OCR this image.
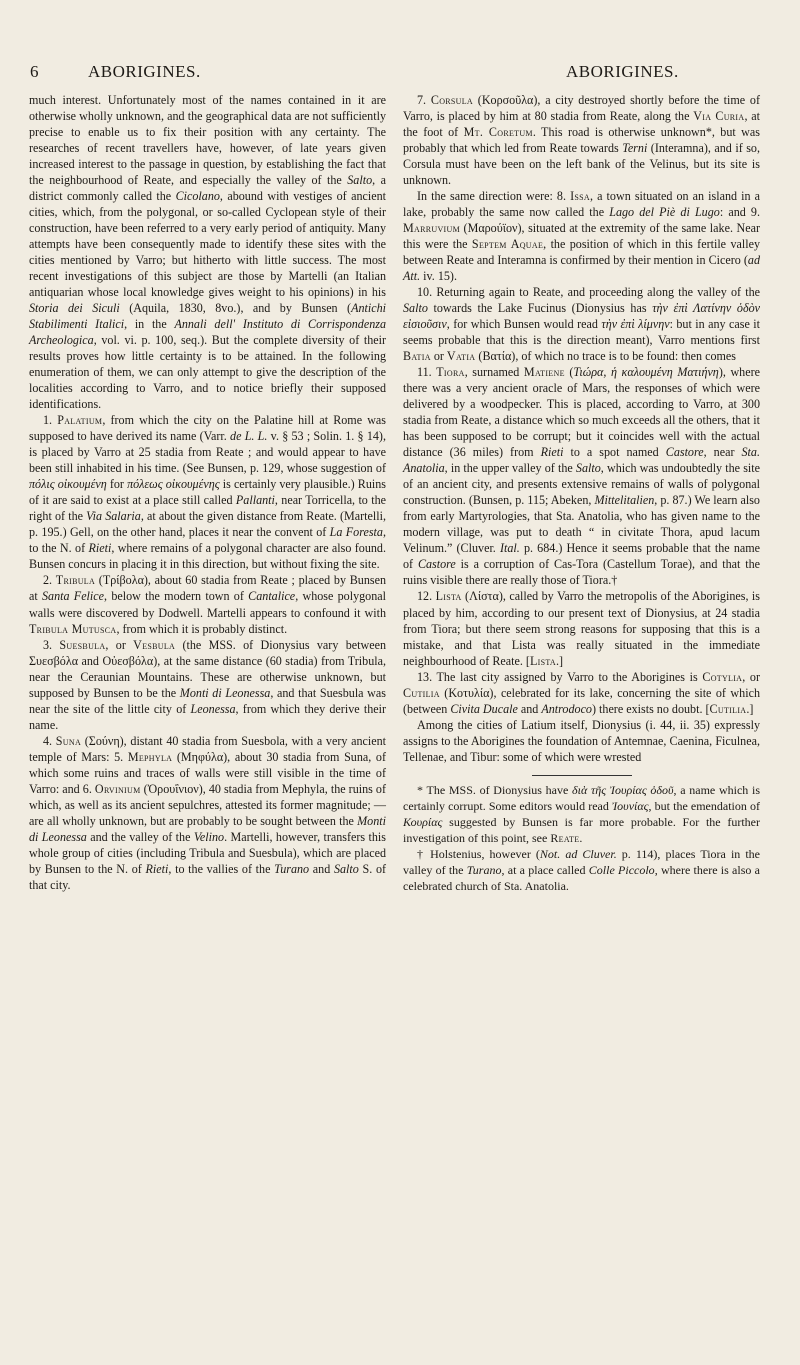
6	ABORIGINES.	ABORIGINES.

much interest. Unfortunately most of the names contained in it are otherwise wholly unknown, and the geographical data are not sufficiently precise to enable us to fix their position with any certainty. The researches of recent travellers have, however, of late years given increased interest to the passage in question, by establishing the fact that the neighbourhood of Reate, and especially the valley of the Salto, a district commonly called the Cicolano, abound with vestiges of ancient cities, which, from the polygonal, or so-called Cyclopean style of their construction, have been referred to a very early period of antiquity. Many attempts have been consequently made to identify these sites with the cities mentioned by Varro; but hitherto with little success. The most recent investigations of this subject are those by Martelli (an Italian antiquarian whose local knowledge gives weight to his opinions) in his Storia dei Siculi (Aquila, 1830, 8vo.), and by Bunsen (Antichi Stabilimenti Italici, in the Annali dell' Instituto di Corrispondenza Archeologica, vol. vi. p. 100, seq.). But the complete diversity of their results proves how little certainty is to be attained. In the following enumeration of them, we can only attempt to give the description of the localities according to Varro, and to notice briefly their supposed identifications.

1. Palatium, from which the city on the Palatine hill at Rome was supposed to have derived its name (Varr. de L. L. v. § 53 ; Solin. 1. § 14), is placed by Varro at 25 stadia from Reate ; and would appear to have been still inhabited in his time. (See Bunsen, p. 129, whose suggestion of πόλις οἰκουμένη for πόλεως οἰκουμένης is certainly very plausible.) Ruins of it are said to exist at a place still called Pallanti, near Torricella, to the right of the Via Salaria, at about the given distance from Reate. (Martelli, p. 195.) Gell, on the other hand, places it near the convent of La Foresta, to the N. of Rieti, where remains of a polygonal character are also found. Bunsen concurs in placing it in this direction, but without fixing the site.

2. Tribula (Τρίβολα), about 60 stadia from Reate ; placed by Bunsen at Santa Felice, below the modern town of Cantalice, whose polygonal walls were discovered by Dodwell. Martelli appears to confound it with Tribula Mutusca, from which it is probably distinct.

3. Suesbula, or Vesbula (the MSS. of Dionysius vary between Συεσβόλα and Οὐεσβόλα), at the same distance (60 stadia) from Tribula, near the Ceraunian Mountains. These are otherwise unknown, but supposed by Bunsen to be the Monti di Leonessa, and that Suesbula was near the site of the little city of Leonessa, from which they derive their name.

4. Suna (Σούνη), distant 40 stadia from Suesbola, with a very ancient temple of Mars: 5. Mephyla (Μηφύλα), about 30 stadia from Suna, of which some ruins and traces of walls were still visible in the time of Varro: and 6. Orvinium (Ὀρουΐνιον), 40 stadia from Mephyla, the ruins of which, as well as its ancient sepulchres, attested its former magnitude; — are all wholly unknown, but are probably to be sought between the Monti di Leonessa and the valley of the Velino. Martelli, however, transfers this whole group of cities (including Tribula and Suesbula), which are placed by Bunsen to the N. of Rieti, to the vallies of the Turano and Salto S. of that city.

7. Corsula (Κορσοῦλα), a city destroyed shortly before the time of Varro, is placed by him at 80 stadia from Reate, along the Via Curia, at the foot of Mt. Coretum. This road is otherwise unknown*, but was probably that which led from Reate towards Terni (Interamna), and if so, Corsula must have been on the left bank of the Velinus, but its site is unknown.

In the same direction were: 8. Issa, a town situated on an island in a lake, probably the same now called the Lago del Piè di Lugo: and 9. Marruvium (Μαρούϊον), situated at the extremity of the same lake. Near this were the Septem Aquae, the position of which in this fertile valley between Reate and Interamna is confirmed by their mention in Cicero (ad Att. iv. 15).

10. Returning again to Reate, and proceeding along the valley of the Salto towards the Lake Fucinus (Dionysius has τὴν ἐπὶ Λατίνην ὁδὸν εἰσιοῦσιν, for which Bunsen would read τὴν ἐπὶ λίμνην: but in any case it seems probable that this is the direction meant), Varro mentions first Batia or Vatia (Βατία), of which no trace is to be found: then comes

11. Tiora, surnamed Matiene (Τιώρα, ἡ καλουμένη Ματιήνη), where there was a very ancient oracle of Mars, the responses of which were delivered by a woodpecker. This is placed, according to Varro, at 300 stadia from Reate, a distance which so much exceeds all the others, that it has been supposed to be corrupt; but it coincides well with the actual distance (36 miles) from Rieti to a spot named Castore, near Sta. Anatolia, in the upper valley of the Salto, which was undoubtedly the site of an ancient city, and presents extensive remains of walls of polygonal construction. (Bunsen, p. 115; Abeken, Mittelitalien, p. 87.) We learn also from early Martyrologies, that Sta. Anatolia, who has given name to the modern village, was put to death “ in civitate Thora, apud lacum Velinum.” (Cluver. Ital. p. 684.) Hence it seems probable that the name of Castore is a corruption of Cas-Tora (Castellum Torae), and that the ruins visible there are really those of Tiora.†

12. Lista (Λίστα), called by Varro the metropolis of the Aborigines, is placed by him, according to our present text of Dionysius, at 24 stadia from Tiora; but there seem strong reasons for supposing that this is a mistake, and that Lista was really situated in the immediate neighbourhood of Reate. [Lista.]

13. The last city assigned by Varro to the Aborigines is Cotylia, or Cutilia (Κοτυλία), celebrated for its lake, concerning the site of which (between Civita Ducale and Antrodoco) there exists no doubt. [Cutilia.]

Among the cities of Latium itself, Dionysius (i. 44, ii. 35) expressly assigns to the Aborigines the foundation of Antemnae, Caenina, Ficulnea, Tellenae, and Tibur: some of which were wrested

* The MSS. of Dionysius have διὰ τῆς Ἰουρίας ὁδοῦ, a name which is certainly corrupt. Some editors would read Ἰουνίας, but the emendation of Κουρίας suggested by Bunsen is far more probable. For the further investigation of this point, see Reate.

† Holstenius, however (Not. ad Cluver. p. 114), places Tiora in the valley of the Turano, at a place called Colle Piccolo, where there is also a celebrated church of Sta. Anatolia.
